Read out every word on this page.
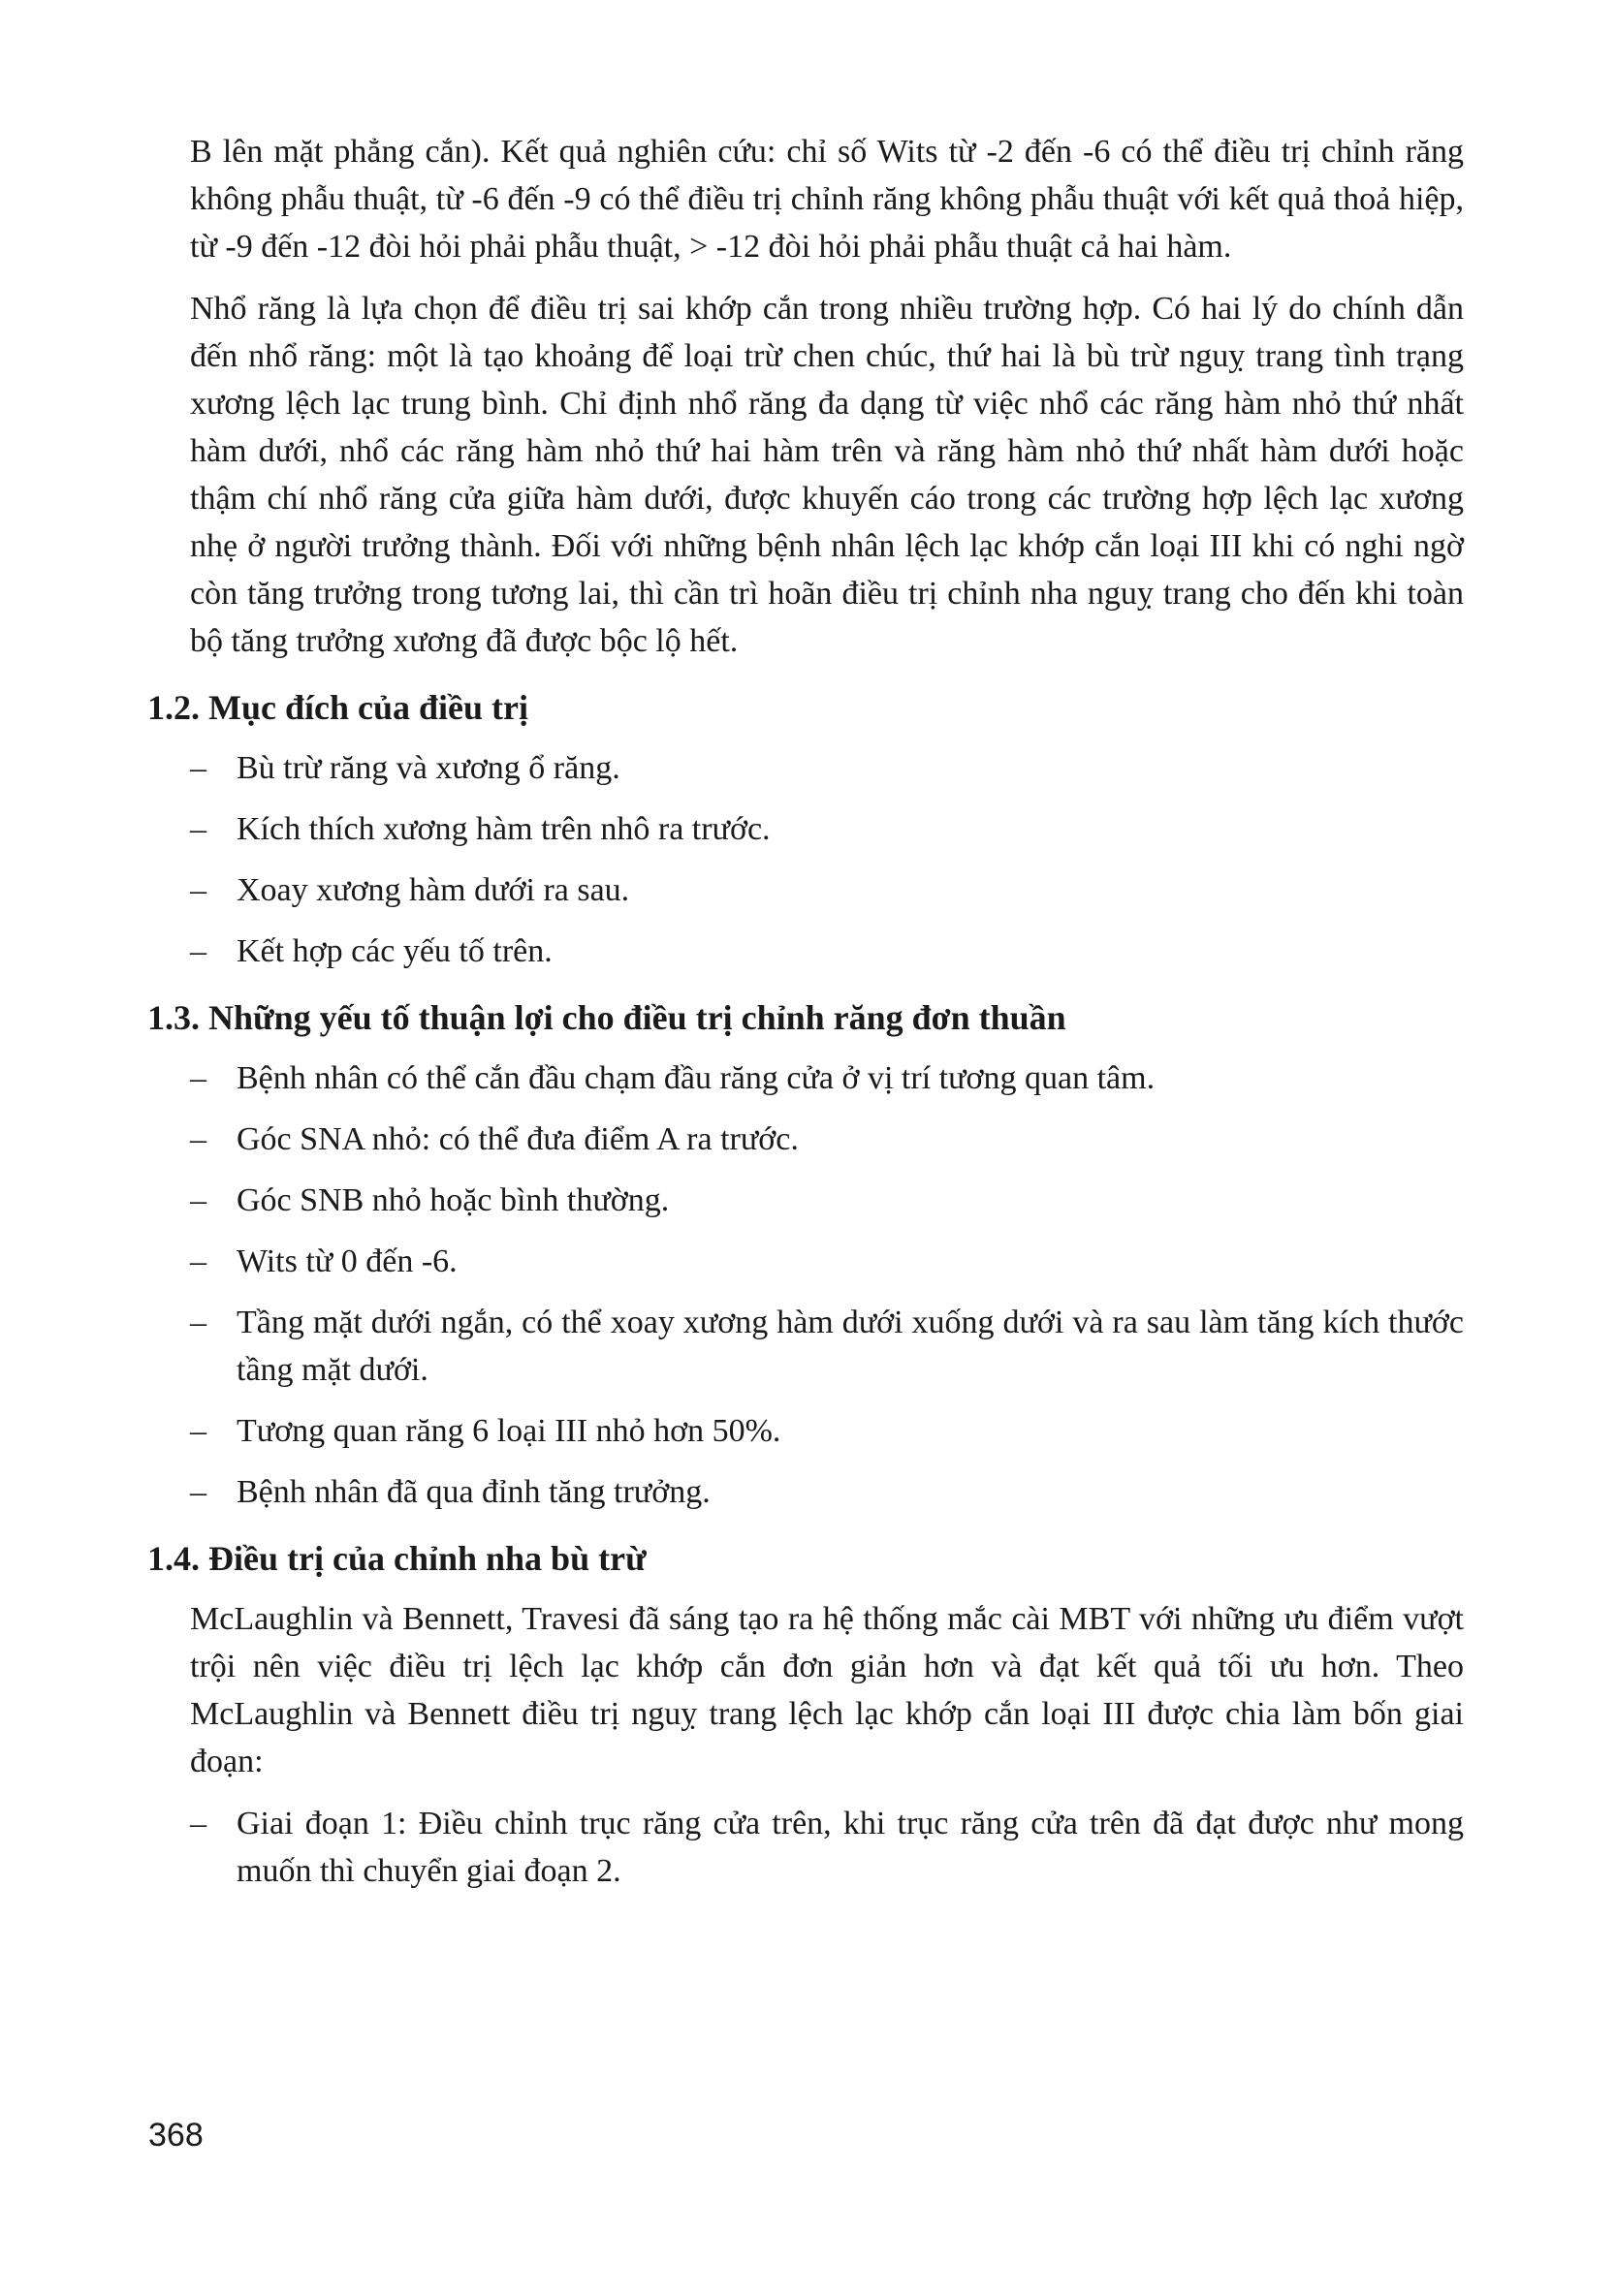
B lên mặt phẳng cắn). Kết quả nghiên cứu: chỉ số Wits từ -2 đến -6 có thể điều trị chỉnh răng không phẫu thuật, từ -6 đến -9 có thể điều trị chỉnh răng không phẫu thuật với kết quả thoả hiệp, từ -9 đến -12 đòi hỏi phải phẫu thuật, > -12 đòi hỏi phải phẫu thuật cả hai hàm.

Nhổ răng là lựa chọn để điều trị sai khớp cắn trong nhiều trường hợp. Có hai lý do chính dẫn đến nhổ răng: một là tạo khoảng để loại trừ chen chúc, thứ hai là bù trừ nguỵ trang tình trạng xương lệch lạc trung bình. Chỉ định nhổ răng đa dạng từ việc nhổ các răng hàm nhỏ thứ nhất hàm dưới, nhổ các răng hàm nhỏ thứ hai hàm trên và răng hàm nhỏ thứ nhất hàm dưới hoặc thậm chí nhổ răng cửa giữa hàm dưới, được khuyến cáo trong các trường hợp lệch lạc xương nhẹ ở người trưởng thành. Đối với những bệnh nhân lệch lạc khớp cắn loại III khi có nghi ngờ còn tăng trưởng trong tương lai, thì cần trì hoãn điều trị chỉnh nha nguỵ trang cho đến khi toàn bộ tăng trưởng xương đã được bộc lộ hết.

1.2. Mục đích của điều trị
– Bù trừ răng và xương ổ răng.
– Kích thích xương hàm trên nhô ra trước.
– Xoay xương hàm dưới ra sau.
– Kết hợp các yếu tố trên.
1.3. Những yếu tố thuận lợi cho điều trị chỉnh răng đơn thuần
– Bệnh nhân có thể cắn đầu chạm đầu răng cửa ở vị trí tương quan tâm.
– Góc SNA nhỏ: có thể đưa điểm A ra trước.
– Góc SNB nhỏ hoặc bình thường.
– Wits từ 0 đến -6.
– Tầng mặt dưới ngắn, có thể xoay xương hàm dưới xuống dưới và ra sau làm tăng kích thước tầng mặt dưới.
– Tương quan răng 6 loại III nhỏ hơn 50%.
– Bệnh nhân đã qua đỉnh tăng trưởng.
1.4. Điều trị của chỉnh nha bù trừ

McLaughlin và Bennett, Travesi đã sáng tạo ra hệ thống mắc cài MBT với những ưu điểm vượt trội nên việc điều trị lệch lạc khớp cắn đơn giản hơn và đạt kết quả tối ưu hơn. Theo McLaughlin và Bennett điều trị nguỵ trang lệch lạc khớp cắn loại III được chia làm bốn giai đoạn:

– Giai đoạn 1: Điều chỉnh trục răng cửa trên, khi trục răng cửa trên đã đạt được như mong muốn thì chuyển giai đoạn 2.
368
